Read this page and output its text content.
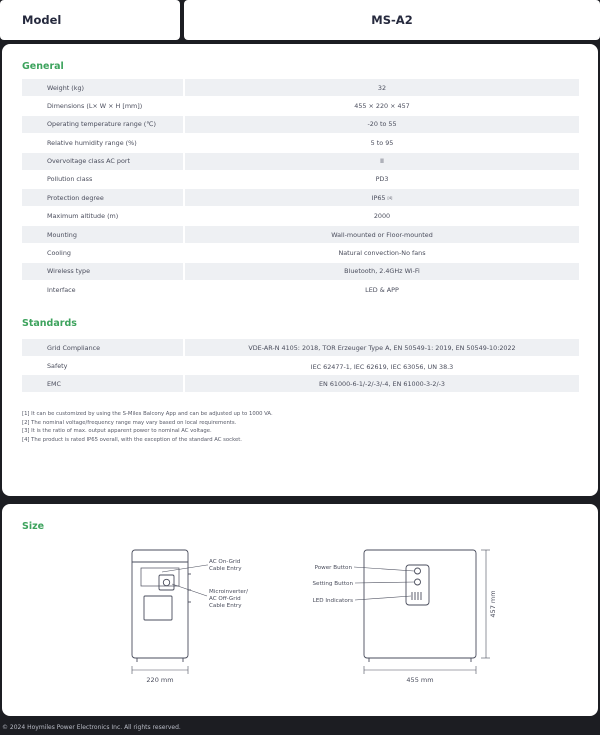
Model	MS-A2
General
Weight (kg)	32
Dimensions (L× W × H [mm])	455 × 220 × 457
Operating temperature range (℃)	-20 to 55
Relative humidity range (%)	5 to 95
Overvoltage class AC port	II
Pollution class	PD3
Protection degree	IP65 [4]
Maximum altitude (m)	2000
Mounting	Wall-mounted or Floor-mounted
Cooling	Natural convection-No fans
Wireless type	Bluetooth, 2.4GHz Wi-Fi
Interface	LED & APP
Standards
Grid Compliance	VDE-AR-N 4105: 2018, TOR Erzeuger Type A, EN 50549-1: 2019, EN 50549-10:2022
Safety	IEC 62477-1, IEC 62619, IEC 63056, UN 38.3
EMC	EN 61000-6-1/-2/-3/-4, EN 61000-3-2/-3
[1] It can be customized by using the S-Miles Balcony App and can be adjusted up to 1000 VA.
[2] The nominal voltage/frequency range may vary based on local requirements.
[3] It is the ratio of max. output apparent power to nominal AC voltage.
[4] The product is rated IP65 overall, with the exception of the standard AC socket.
Size
AC On-Grid
Cable Entry
Microinverter/
AC Off-Grid
Cable Entry
220 mm
Power Button
Setting Button
LED Indicators
455 mm
457 mm
© 2024 Hoymiles Power Electronics Inc. All rights reserved.
